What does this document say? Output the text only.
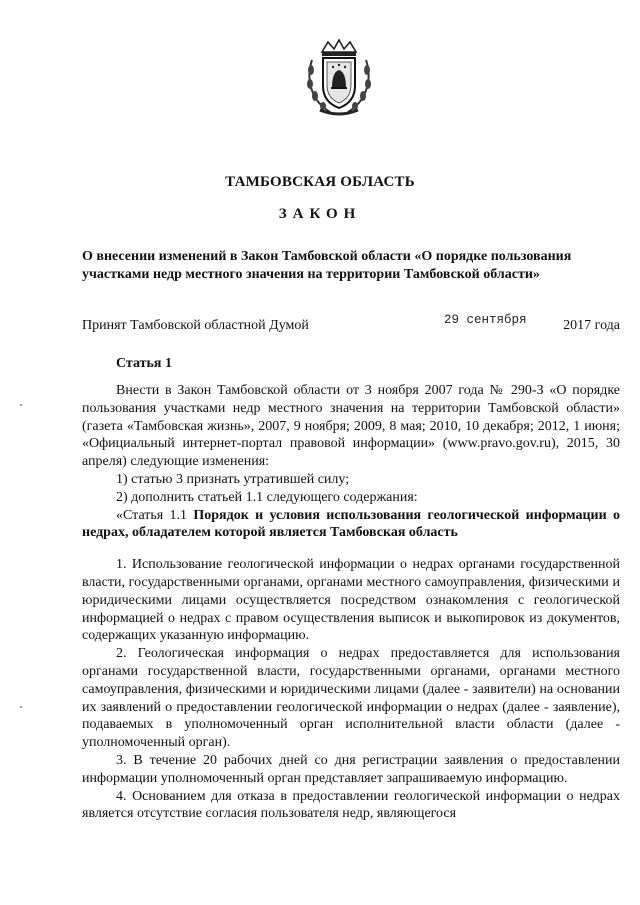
ТАМБОВСКАЯ ОБЛАСТЬ
ЗАКОН
О внесении изменений в Закон Тамбовской области «О порядке пользования участками недр местного значения на территории Тамбовской области»
Принят Тамбовской областной Думой	29 сентября	2017 года
Статья 1

Внести в Закон Тамбовской области от 3 ноября 2007 года № 290-З «О порядке пользования участками недр местного значения на территории Тамбовской области» (газета «Тамбовская жизнь», 2007, 9 ноября; 2009, 8 мая; 2010, 10 декабря; 2012, 1 июня; «Официальный интернет-портал правовой информации» (www.pravo.gov.ru), 2015, 30 апреля) следующие изменения:

1) статью 3 признать утратившей силу;

2) дополнить статьей 1.1 следующего содержания:

«Статья 1.1 Порядок и условия использования геологической информации о недрах, обладателем которой является Тамбовская область

1. Использование геологической информации о недрах органами государственной власти, государственными органами, органами местного самоуправления, физическими и юридическими лицами осуществляется посредством ознакомления с геологической информацией о недрах с правом осуществления выписок и выкопировок из документов, содержащих указанную информацию.

2. Геологическая информация о недрах предоставляется для использования органами государственной власти, государственными органами, органами местного самоуправления, физическими и юридическими лицами (далее - заявители) на основании их заявлений о предоставлении геологической информации о недрах (далее - заявление), подаваемых в уполномоченный орган исполнительной власти области (далее - уполномоченный орган).

3. В течение 20 рабочих дней со дня регистрации заявления о предоставлении информации уполномоченный орган представляет запрашиваемую информацию.

4. Основанием для отказа в предоставлении геологической информации о недрах является отсутствие согласия пользователя недр, являющегося
